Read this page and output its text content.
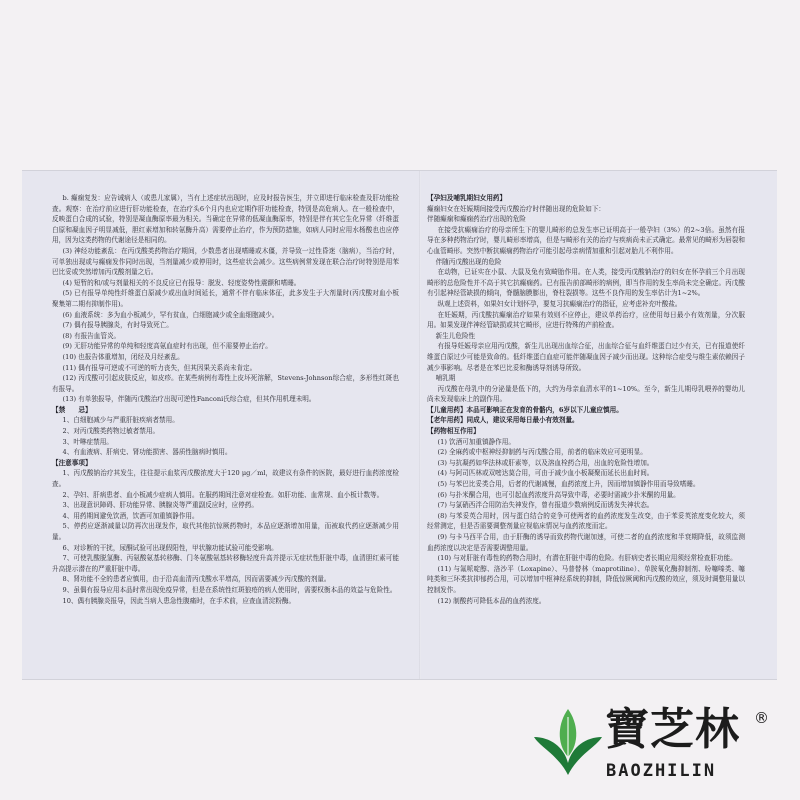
b. 癫痫复发：应告诫病人（或患儿家属），当有上述症状出现时，应及时报告医生，并立即进行临床检查及肝功能检查。观察：在治疗前应进行肝功能检查，在治疗头6个月内也应定期作肝功能检查，特别是高危病人。在一般检查中，反映蛋白合成的试验，特别是凝血酶原率最为相关。当确定在异常的低凝血酶原率，特别是伴有其它生化异常（纤维蛋白原和凝血因子明显减低，胆红素增加和转氨酶升高）需要停止治疗，作为预防措施，如病人同时应用水杨酸也也应停用，因为这类药物的代谢途径是相同的。

(3) 神经功能紊乱：在丙戊酸类药物治疗期间，少数患者出现嗜睡或木僵，并导致一过性昏迷（脑病），当治疗时，可单独出现或与癫痫发作同时出现，当剂量减少或停用时，这些症状会减少。这些病例常发现在联合治疗时特别是用苯巴比妥或突然增加丙戊酸剂量之后。

(4) 短暂的和/或与剂量相关的不良反应已有报导：脱发、轻度姿势性震颤和嗜睡。

(5) 已有报导单纯性纤维蛋白原减少或出血时间延长，通常不伴有临床体征，此多发生于大剂量时(丙戊酸对血小板聚集第二期有抑制作用)。

(6) 血液系统：多为血小板减少，罕有贫血，白细胞减少或全血细胞减少。

(7) 偶有报导胰腺炎，有时导致死亡。

(8) 有报告血管炎。

(9) 无肝功能异常的单纯和轻度高氨血症时有出现，但不需要停止治疗。

(10) 也报告体重增加，闭经及月经紊乱。

(11) 偶有报导可逆或不可逆的听力丧失，但其因果关系尚未肯定。

(12) 丙戊酸可引起皮肤反应，如皮疹。在某些病例有毒性上皮坏死溶解，Stevens-Johnson综合症，多形性红斑也有报导。

(13) 有单独报导，伴随丙戊酸治疗出现可逆性Fanconi氏综合症，但其作用机理未明。

【禁　　忌】

1、白细胞减少与严重肝脏疾病者禁用。

2、对丙戊酸类药物过敏者禁用。

3、叶啉症禁用。

4、有血液病、肝病史、肾功能损害、器质性脑病时慎用。

【注意事项】

1、丙戊酸钠治疗其发生，往往提示血浆丙戊酸浓度大于120 μg／ml，故建议有条件的医院，最好进行血药浓度检查。

2、孕妇、肝病患者、血小板减少症病人慎用。在服药期间注意对症检查。如肝功能、血常规、血小板计数等。

3、出现意识障碍、肝功能异常、胰腺炎等严重副反应时，应停药。

4、用药期间避免饮酒，饮酒可加重镇静作用。

5、停药应逐渐减量以防再次出现发作，取代其他抗惊厥药物时，本品应逐渐增加用量，而被取代药应逐渐减少用量。

6、对诊断的干扰，尿酮试验可出现假阳性，甲状腺功能试验可能受影响。

7、可使乳酸脱氢酶、丙氨酸氨基转移酶、门冬氨酸氨基转移酶轻度升高并提示无症状性肝脏中毒，血清胆红素可能升高提示潜在的严重肝脏中毒。

8、肾功能不全的患者应慎用，由于沿高血清丙戊酸水平增高，因而需要减少丙戊酸的剂量。

9、虽偶有报导应用本品时常出现免疫异常，但是在系统性红斑狼疮的病人使用时，需要权衡本品的效益与危险性。

10、偶有胰腺炎报导，因此当病人患急性腹痛时，在手术前，应查血清淀粉酶。

【孕妇及哺乳期妇女用药】

癫痫妇女在妊娠期间接受丙戊酸治疗时伴随出现的危险如下：

伴随癫痫和癫痫药治疗出现的危险

在接受抗癫痫治疗的母亲所生下的婴儿畸形的总发生率已证明高于一般孕妇（3%）的2~3倍。虽然有报导在多种药物治疗时，婴儿畸形率增高，但是与畸形有关的治疗与疾病尚未正式确定。最常见的畸形为唇裂和心血管畸形。突然中断抗癫痫药物治疗可能引起母亲病情加重和引起对胎儿不利作用。

伴随丙戊酸出现的危险

在动物，已证实在小鼠、大鼠及兔有致畸胎作用。在人类，接受丙戊酸钠治疗的妇女在怀孕前三个月出现畸形的总危险性并不高于其它抗癫痫药。已有报告前部畸形的病例，即当作用的发生率尚未完全确定。丙戊酸有引起神经管缺损的倾向，脊髓脑膜膨出，脊柱裂损等。这些不良作用的发生率估计为1~2%。

纵观上述资料，如果妇女计划怀孕，要复习抗癫痫治疗的指征，应考虑补充叶酸盐。

在妊娠期，丙戊酸抗癫痫治疗如果有效则不应停止，建议单药治疗，应使用每日最小有效剂量，分次服用。如果发现伴神经管缺损或其它畸形，应进行特殊的产前检查。

新生儿危险性

有报导妊娠母亲应用丙戊酸，新生儿出现出血综合征，出血综合征与血纤维蛋白过少有关，已有报道使纤维蛋白原过少可能是致命的。低纤维蛋白血症可能伴随凝血因子减少而出现。这种综合症受与维生素依赖因子减少事影响。尽者是在苯巴比妥和酶诱导剂诱导所致。

哺乳期

丙戊酸在母乳中的分泌量是低下的，大约为母亲血清水平的1~10%。至今，新生儿期母乳喂养的婴幼儿尚未发现临床上的副作用。

【儿童用药】本品可影响正在发育的骨骼内，6岁以下儿童应慎用。

【老年用药】同成人，建议采用每日最小有效剂量。

【药物相互作用】

(1) 饮酒可加重镇静作用。

(2) 全麻药或中枢神经抑制药与丙戊酸合用，前者的临床效应可更明显。

(3) 与抗凝药如华法林或肝素等，以及溶血栓药合用，出血的危险性增加。

(4) 与阿司匹林或双嘧达莫合用，可由于减少血小板凝聚而延长出血时间。

(5) 与苯巴比妥类合用，后者的代谢减慢，血药浓度上升，因而增加镇静作用而导致嗜睡。

(6) 与扑米酮合用，也可引起血药浓度升高导致中毒，必要时需减少扑米酮的用量。

(7) 与氯硝西泮合用防治失神发作，曾有报道少数病例反而诱发失神状态。

(8) 与苯妥英合用时，因与蛋白结合的竞争可使两者的血药浓度发生改变，由于苯妥英浓度变化较大，须经常测定，但是否需要调整剂量应视临床情况与血药浓度而定。

(9) 与卡马西平合用，由于肝酶的诱导而致药物代谢加速，可使二者的血药浓度和半衰期降低，故须监测血药浓度以决定是否需要调整用量。

(10) 与对肝脏有毒性的药物合用时，有潜在肝脏中毒的危险。有肝病史者长期应用须经常检查肝功能。

(11) 与氟哌啶醇、洛沙平（Loxapine）、马普替林（maprotiline）、单胺氧化酶抑制剂、吩噻嗪类、噻吨类和三环类抗抑郁药合用，可以增加中枢神经系统的抑制，降低惊厥阈和丙戊酸的效应，须及时调整用量以控制发作。

(12) 制酸药可降低本品的血药浓度。

寶芝林 ®
BAOZHILIN
